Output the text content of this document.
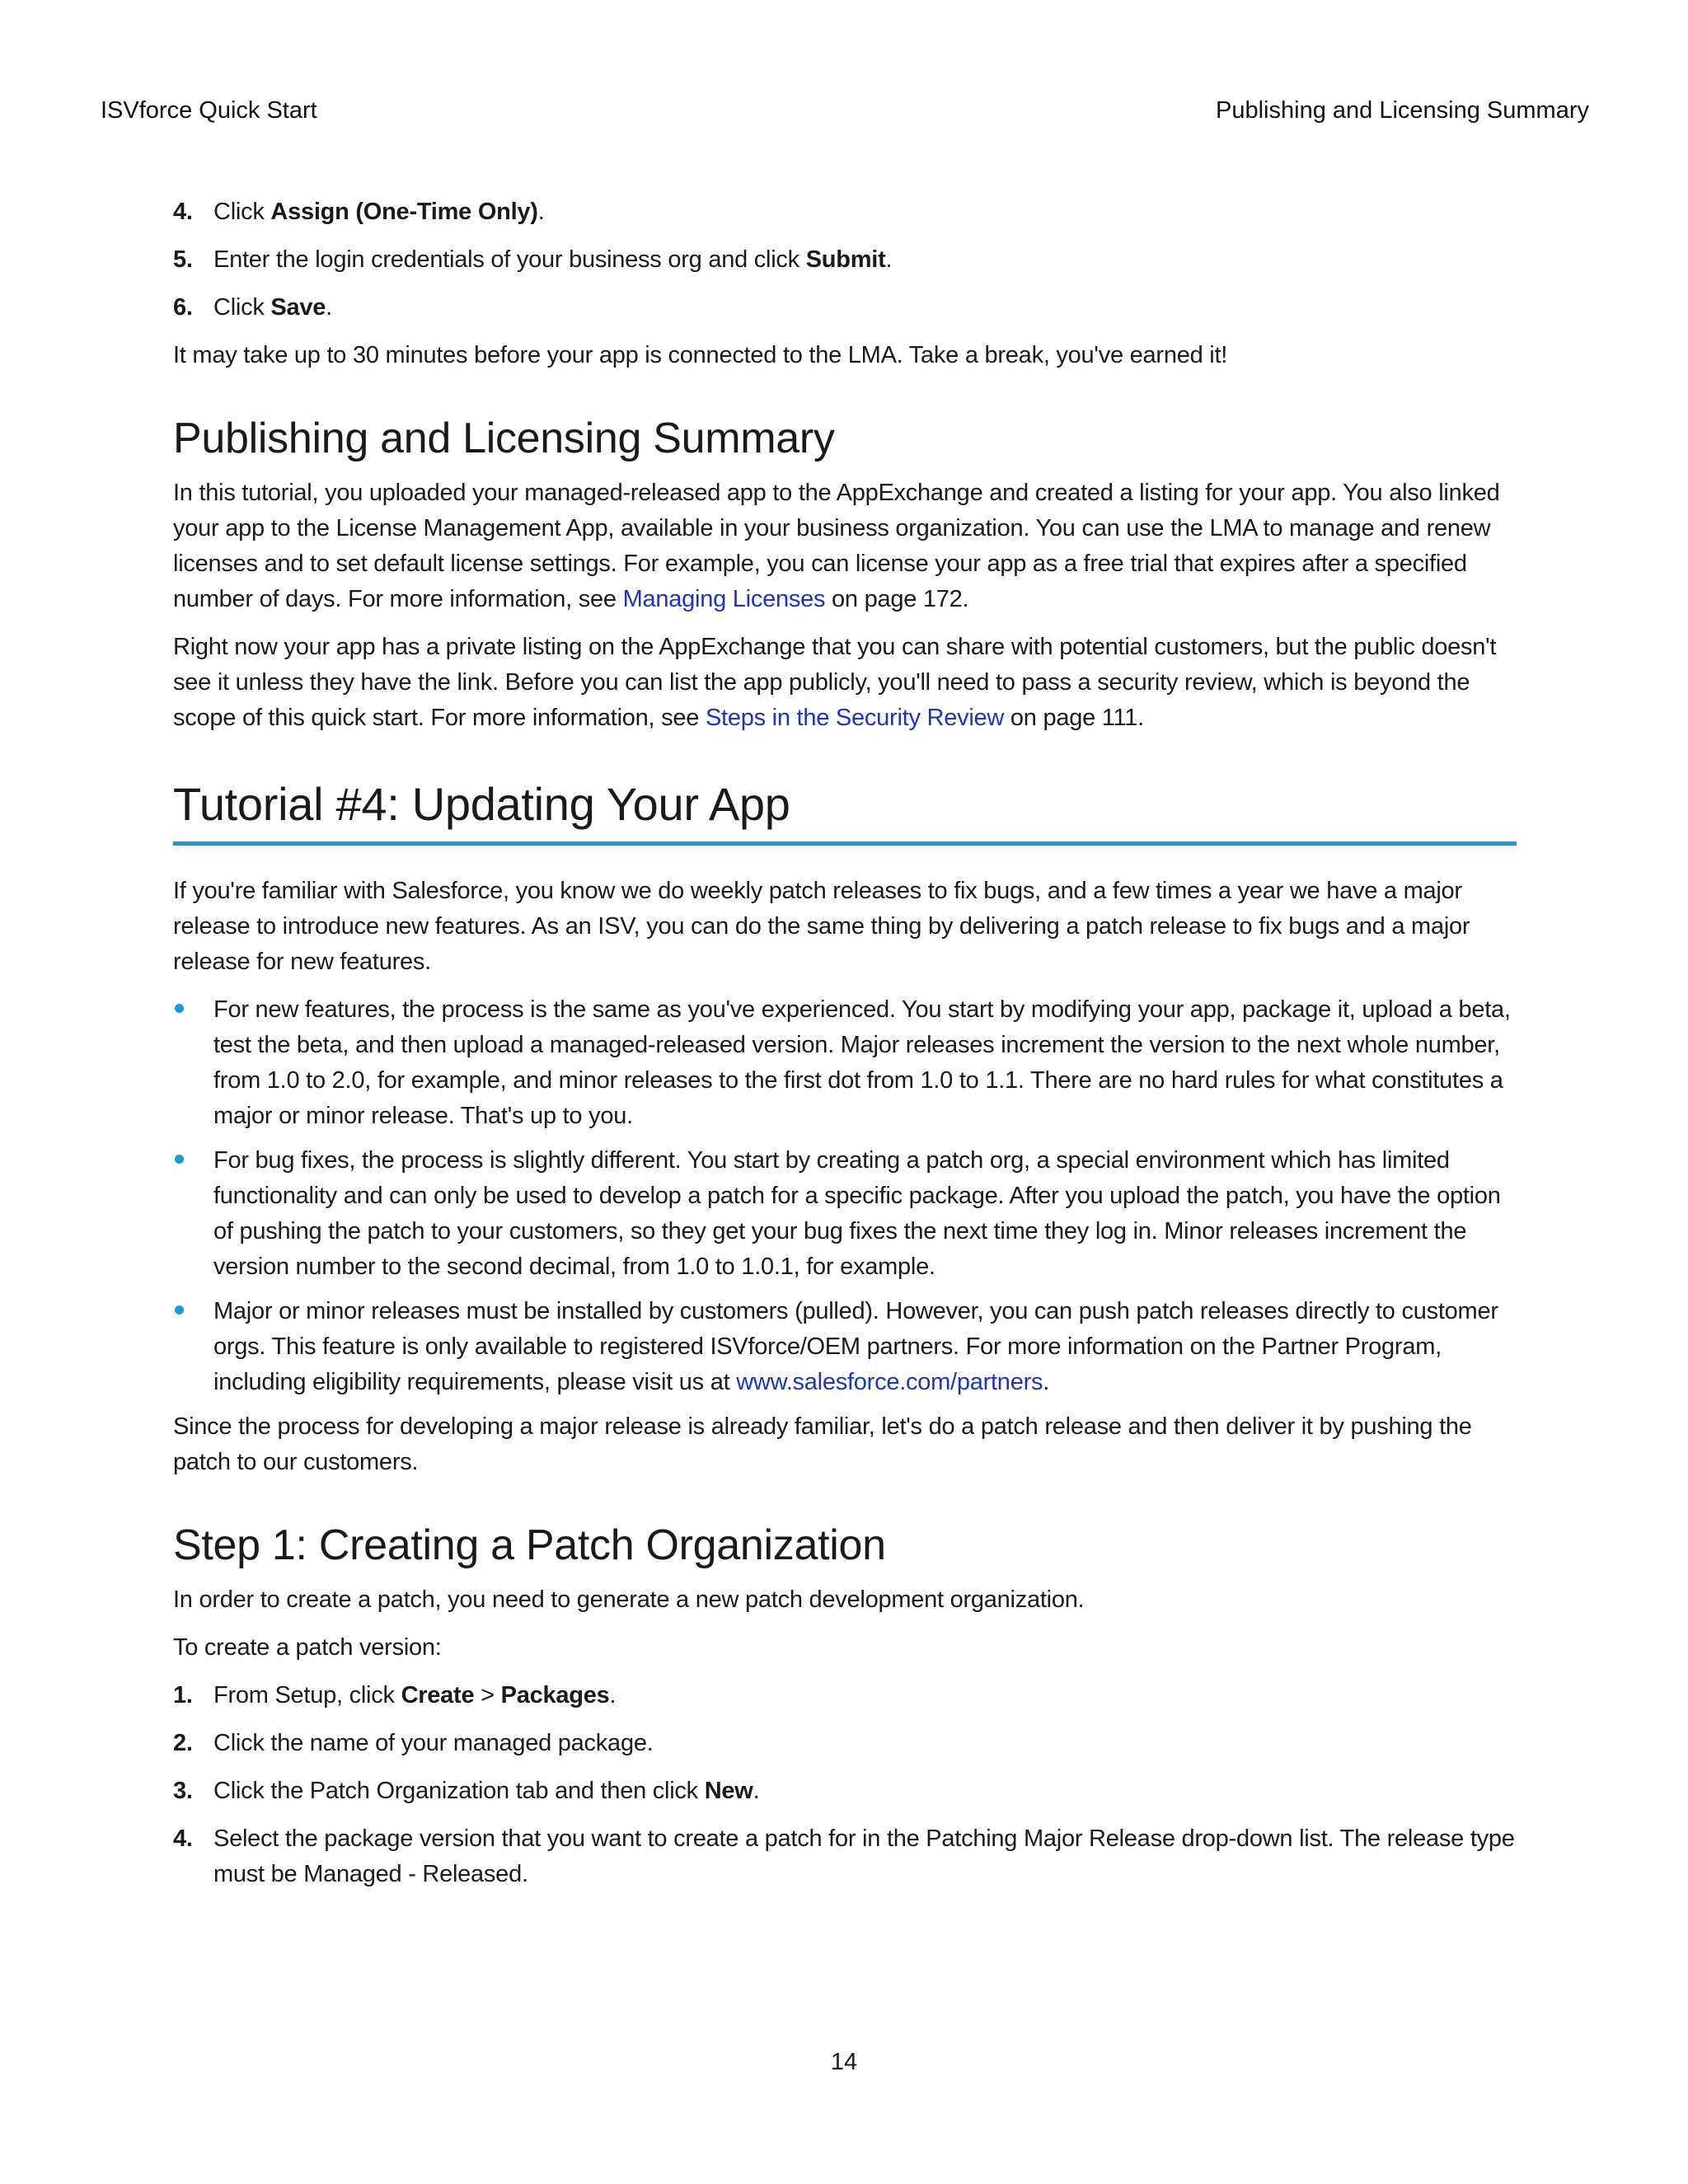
ISVforce Quick Start	Publishing and Licensing Summary
4. Click Assign (One-Time Only).
5. Enter the login credentials of your business org and click Submit.
6. Click Save.

It may take up to 30 minutes before your app is connected to the LMA. Take a break, you've earned it!

Publishing and Licensing Summary

In this tutorial, you uploaded your managed-released app to the AppExchange and created a listing for your app. You also linked your app to the License Management App, available in your business organization. You can use the LMA to manage and renew licenses and to set default license settings. For example, you can license your app as a free trial that expires after a specified number of days. For more information, see Managing Licenses on page 172.

Right now your app has a private listing on the AppExchange that you can share with potential customers, but the public doesn't see it unless they have the link. Before you can list the app publicly, you'll need to pass a security review, which is beyond the scope of this quick start. For more information, see Steps in the Security Review on page 111.

Tutorial #4: Updating Your App

If you're familiar with Salesforce, you know we do weekly patch releases to fix bugs, and a few times a year we have a major release to introduce new features. As an ISV, you can do the same thing by delivering a patch release to fix bugs and a major release for new features.

For new features, the process is the same as you've experienced. You start by modifying your app, package it, upload a beta, test the beta, and then upload a managed-released version. Major releases increment the version to the next whole number, from 1.0 to 2.0, for example, and minor releases to the first dot from 1.0 to 1.1. There are no hard rules for what constitutes a major or minor release. That's up to you.
For bug fixes, the process is slightly different. You start by creating a patch org, a special environment which has limited functionality and can only be used to develop a patch for a specific package. After you upload the patch, you have the option of pushing the patch to your customers, so they get your bug fixes the next time they log in. Minor releases increment the version number to the second decimal, from 1.0 to 1.0.1, for example.
Major or minor releases must be installed by customers (pulled). However, you can push patch releases directly to customer orgs. This feature is only available to registered ISVforce/OEM partners. For more information on the Partner Program, including eligibility requirements, please visit us at www.salesforce.com/partners.

Since the process for developing a major release is already familiar, let's do a patch release and then deliver it by pushing the patch to our customers.

Step 1: Creating a Patch Organization

In order to create a patch, you need to generate a new patch development organization.

To create a patch version:

1. From Setup, click Create > Packages.
2. Click the name of your managed package.
3. Click the Patch Organization tab and then click New.
4. Select the package version that you want to create a patch for in the Patching Major Release drop-down list. The release type must be Managed - Released.
14
